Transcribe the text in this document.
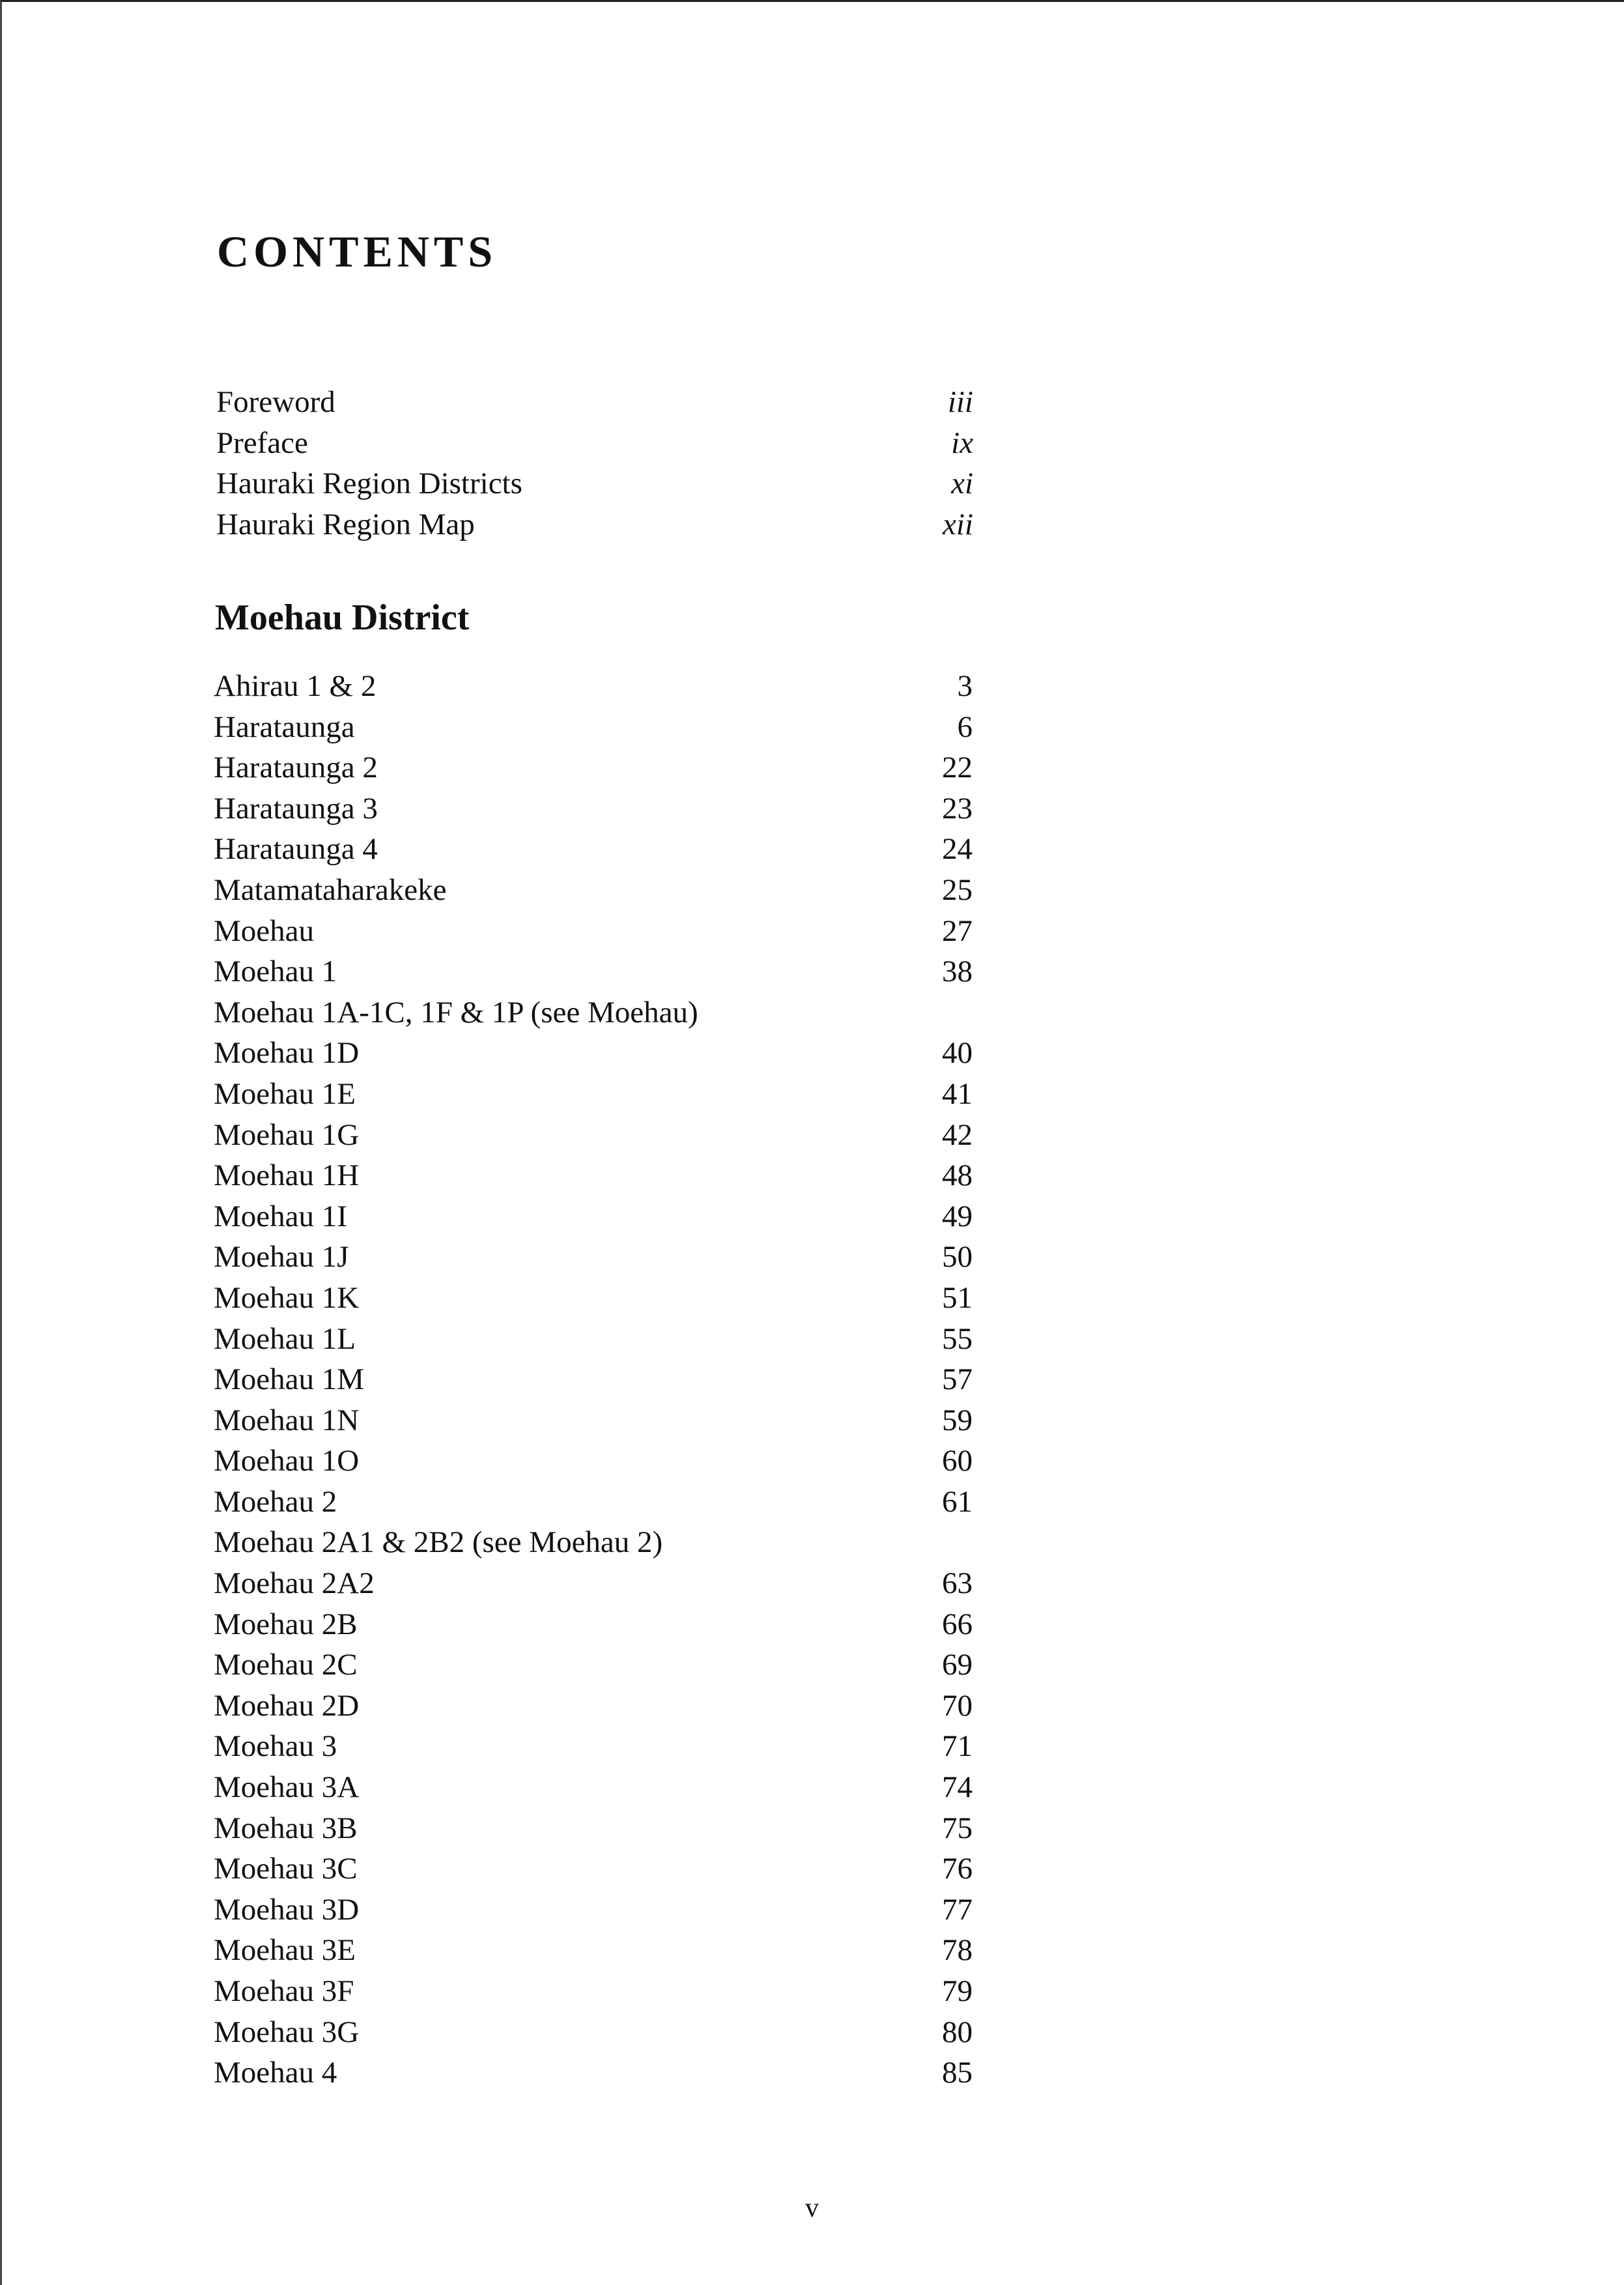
CONTENTS
Foreword	iii
Preface	ix
Hauraki Region Districts	xi
Hauraki Region Map	xii
Moehau District
Ahirau 1 & 2	3
Harataunga	6
Harataunga 2	22
Harataunga 3	23
Harataunga 4	24
Matamataharakeke	25
Moehau	27
Moehau 1	38
Moehau 1A-1C, 1F & 1P (see Moehau)
Moehau 1D	40
Moehau 1E	41
Moehau 1G	42
Moehau 1H	48
Moehau 1I	49
Moehau 1J	50
Moehau 1K	51
Moehau 1L	55
Moehau 1M	57
Moehau 1N	59
Moehau 1O	60
Moehau 2	61
Moehau 2A1 & 2B2 (see Moehau 2)
Moehau 2A2	63
Moehau 2B	66
Moehau 2C	69
Moehau 2D	70
Moehau 3	71
Moehau 3A	74
Moehau 3B	75
Moehau 3C	76
Moehau 3D	77
Moehau 3E	78
Moehau 3F	79
Moehau 3G	80
Moehau 4	85
v
